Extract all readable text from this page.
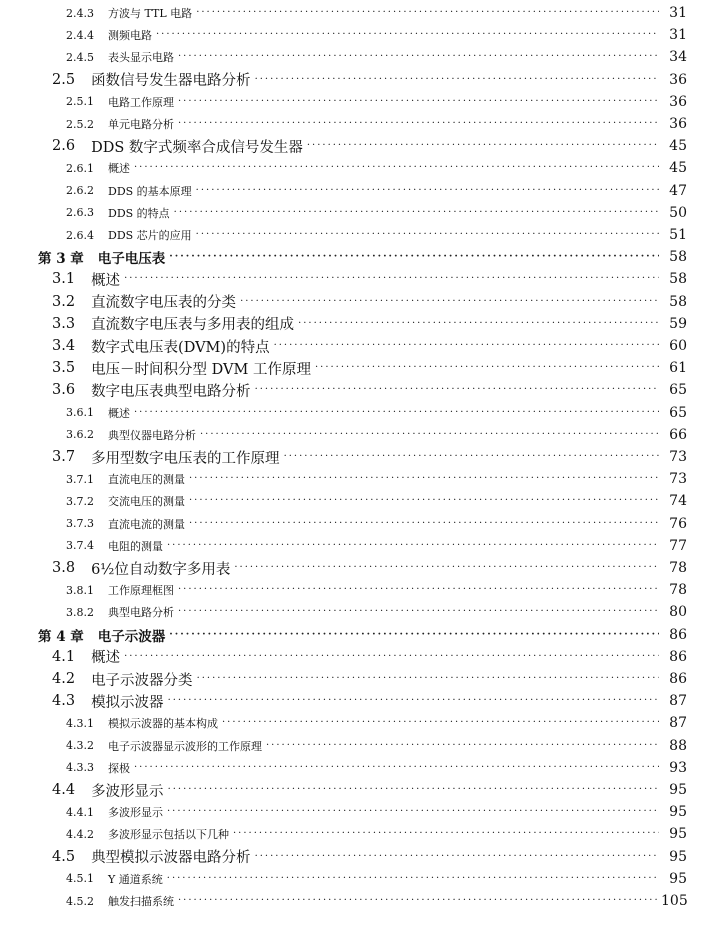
2.4.3 方波与 TTL 电路 ·····	31
2.4.4 测频电路 ·····	31
2.4.5 表头显示电路 ·····	34
2.5 函数信号发生器电路分析 ·····	36
2.5.1 电路工作原理 ·····	36
2.5.2 单元电路分析 ·····	36
2.6 DDS 数字式频率合成信号发生器 ·····	45
2.6.1 概述 ·····	45
2.6.2 DDS 的基本原理 ·····	47
2.6.3 DDS 的特点 ·····	50
2.6.4 DDS 芯片的应用 ·····	51
第 3 章 电子电压表 ·····	58
3.1 概述 ·····	58
3.2 直流数字电压表的分类 ·····	58
3.3 直流数字电压表与多用表的组成 ·····	59
3.4 数字式电压表(DVM)的特点 ·····	60
3.5 电压－时间积分型 DVM 工作原理 ·····	61
3.6 数字电压表典型电路分析 ·····	65
3.6.1 概述 ·····	65
3.6.2 典型仪器电路分析 ·····	66
3.7 多用型数字电压表的工作原理 ·····	73
3.7.1 直流电压的测量 ·····	73
3.7.2 交流电压的测量 ·····	74
3.7.3 直流电流的测量 ·····	76
3.7.4 电阻的测量 ·····	77
3.8 6½位自动数字多用表 ·····	78
3.8.1 工作原理框图 ·····	78
3.8.2 典型电路分析 ·····	80
第 4 章 电子示波器 ·····	86
4.1 概述 ·····	86
4.2 电子示波器分类 ·····	86
4.3 模拟示波器 ·····	87
4.3.1 模拟示波器的基本构成 ·····	87
4.3.2 电子示波器显示波形的工作原理 ·····	88
4.3.3 探极 ·····	93
4.4 多波形显示 ·····	95
4.4.1 多波形显示 ·····	95
4.4.2 多波形显示包括以下几种 ·····	95
4.5 典型模拟示波器电路分析 ·····	95
4.5.1 Y 通道系统 ·····	95
4.5.2 触发扫描系统 ·····	105
